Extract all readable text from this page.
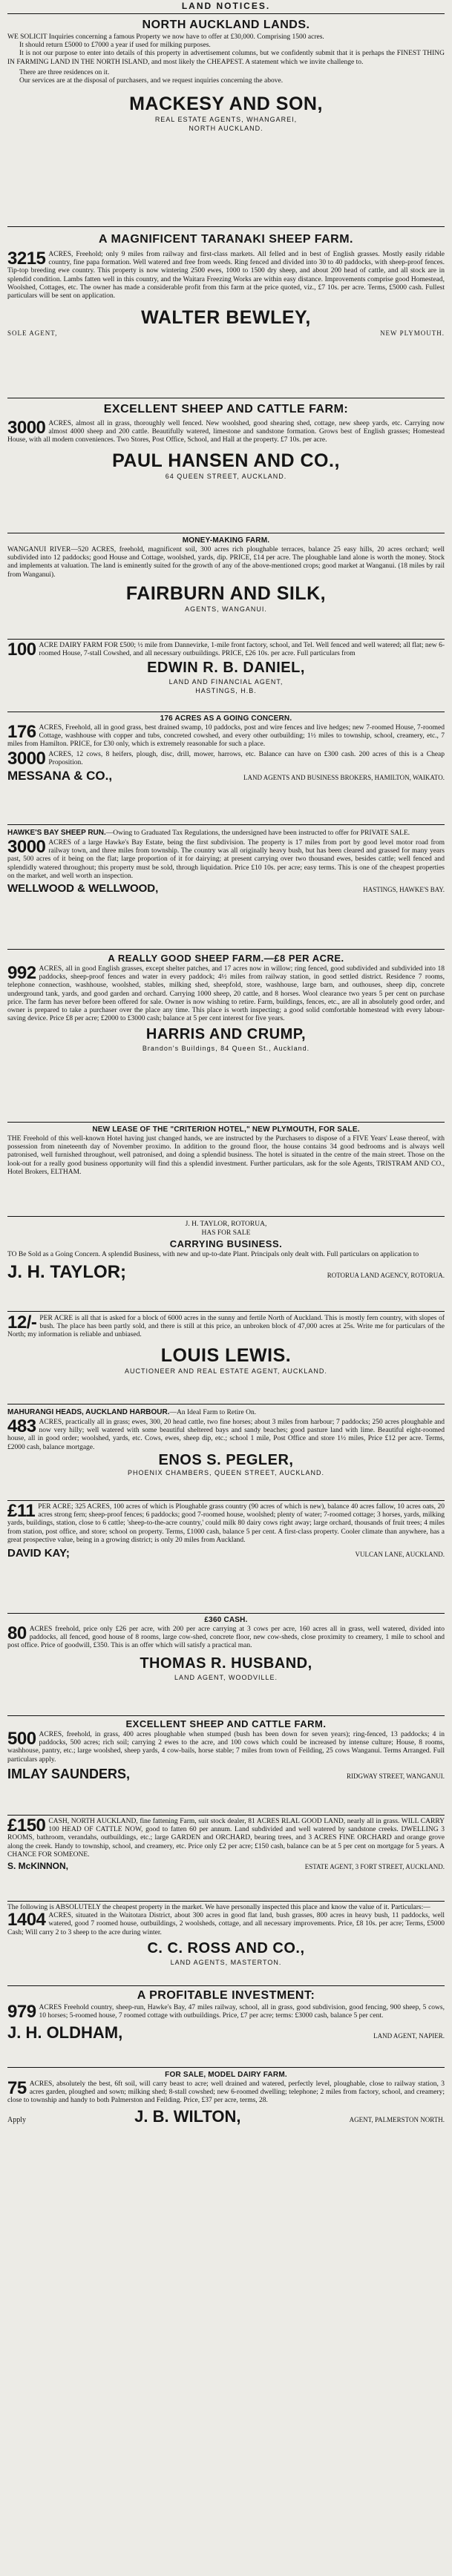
LAND NOTICES.
NORTH AUCKLAND LANDS.

WE SOLICIT Inquiries concerning a famous Property we now have to offer at £30,000. Comprising 1500 acres.

It should return £5000 to £7000 a year if used for milking purposes.

It is not our purpose to enter into details of this property in advertisement columns, but we confidently submit that it is perhaps the FINEST THING IN FARMING LAND IN THE NORTH ISLAND, and most likely the CHEAPEST. A statement which we invite challenge to.

There are three residences on it.

Our services are at the disposal of purchasers, and we request inquiries concerning the above.

MACKESY AND SON,
REAL ESTATE AGENTS, WHANGAREI,
NORTH AUCKLAND.
A MAGNIFICENT TARANAKI SHEEP FARM.

3215 ACRES, Freehold; only 9 miles from railway and first-class markets. All felled and in best of English grasses. Mostly easily ridable country, fine papa formation. Well watered and free from weeds. Ring fenced and divided into 30 to 40 paddocks, with sheep-proof fences. Tip-top breeding ewe country. This property is now wintering 2500 ewes, 1000 to 1500 dry sheep, and about 200 head of cattle, and all stock are in splendid condition. Lambs fatten well in this country, and the Waitara Freezing Works are within easy distance. Improvements comprise good Homestead, Woolshed, Cottages, etc. The owner has made a considerable profit from this farm at the price quoted, viz., £7 10s. per acre. Terms, £5000 cash. Fullest particulars will be sent on application.

WALTER BEWLEY,
SOLE AGENT,	NEW PLYMOUTH.
EXCELLENT SHEEP AND CATTLE FARM:

3000 ACRES, almost all in grass, thoroughly well fenced. New woolshed, good shearing shed, cottage, new sheep yards, etc. Carrying now almost 4000 sheep and 200 cattle. Beautifully watered, limestone and sandstone formation. Grows best of English grasses; Homestead House, with all modern conveniences. Two Stores, Post Office, School, and Hall at the property. £7 10s. per acre.

PAUL HANSEN AND CO.,
64 QUEEN STREET, AUCKLAND.
MONEY-MAKING FARM.

WANGANUI RIVER—520 ACRES, freehold, magnificent soil, 300 acres rich ploughable terraces, balance 25 easy hills, 20 acres orchard; well subdivided into 12 paddocks; good House and Cottage, woolshed, yards, dip. PRICE, £14 per acre. The ploughable land alone is worth the money. Stock and implements at valuation. The land is eminently suited for the growth of any of the above-mentioned crops; good market at Wanganui. (18 miles by rail from Wanganui).

FAIRBURN AND SILK,
AGENTS, WANGANUI.

100 ACRE DAIRY FARM FOR £500; ½ mile from Dannevirke, 1-mile front factory, school, and Tel. Well fenced and well watered; all flat; new 6-roomed House, 7-stall Cowshed, and all necessary outbuildings. PRICE, £26 10s. per acre. Full particulars from

EDWIN R. B. DANIEL,
LAND AND FINANCIAL AGENT,
HASTINGS, H.B.
176 ACRES AS A GOING CONCERN.

176 ACRES, Freehold, all in good grass, best drained swamp, 10 paddocks, post and wire fences and live hedges; new 7-roomed House, 7-roomed Cottage, washhouse with copper and tubs, concreted cowshed, and every other outbuilding; 1½ miles to township, school, creamery, etc., 7 miles from Hamilton. PRICE, for £30 only, which is extremely reasonable for such a place.

3000 ACRES, 12 cows, 8 heifers, plough, disc, drill, mower, harrows, etc. Balance can have on £300 cash. 200 acres of this is a Cheap Proposition.

MESSANA & CO.,	LAND AGENTS AND BUSINESS BROKERS, HAMILTON, WAIKATO.

HAWKE'S BAY SHEEP RUN.—Owing to Graduated Tax Regulations, the undersigned have been instructed to offer for PRIVATE SALE.

3000 ACRES of a large Hawke's Bay Estate, being the first subdivision. The property is 17 miles from port by good level motor road from railway town, and three miles from township. The country was all originally heavy bush, but has been cleared and grassed for many years past, 500 acres of it being on the flat; large proportion of it for dairying; at present carrying over two thousand ewes, besides cattle; well fenced and splendidly watered throughout; this property must be sold, through liquidation. Price £10 10s. per acre; easy terms. This is one of the cheapest properties on the market, and well worth an inspection.

WELLWOOD & WELLWOOD,	HASTINGS, HAWKE'S BAY.
A REALLY GOOD SHEEP FARM.—£8 PER ACRE.

992 ACRES, all in good English grasses, except shelter patches, and 17 acres now in willow; ring fenced, good subdivided and subdivided into 18 paddocks, sheep-proof fences and water in every paddock; 4½ miles from railway station, in good settled district. Residence 7 rooms, telephone connection, washhouse, woolshed, stables, milking shed, sheepfold, store, washhouse, large barn, and outhouses, sheep dip, concrete underground tank, yards, and good garden and orchard. Carrying 1000 sheep, 20 cattle, and 8 horses. Wool clearance two years 5 per cent on purchase price. The farm has never before been offered for sale. Owner is now wishing to retire. Farm, buildings, fences, etc., are all in absolutely good order, and owner is prepared to take a purchaser over the place any time. This place is worth inspecting; a good solid comfortable homestead with every labour-saving device. Price £8 per acre; £2000 to £3000 cash; balance at 5 per cent interest for five years.

HARRIS AND CRUMP,
Brandon's Buildings, 84 Queen St., Auckland.
NEW LEASE OF THE "CRITERION HOTEL," NEW PLYMOUTH, FOR SALE.

THE Freehold of this well-known Hotel having just changed hands, we are instructed by the Purchasers to dispose of a FIVE Years' Lease thereof, with possession from nineteenth day of November proximo. In addition to the ground floor, the house contains 34 good bedrooms and is always well patronised, well furnished throughout, well patronised, and doing a splendid business. The hotel is situated in the centre of the main street. Those on the look-out for a really good business opportunity will find this a splendid investment. Further particulars, ask for the sole Agents, TRISTRAM AND CO., Hotel Brokers, ELTHAM.

J. H. TAYLOR, ROTORUA,
HAS FOR SALE
CARRYING BUSINESS.

TO Be Sold as a Going Concern. A splendid Business, with new and up-to-date Plant. Principals only dealt with. Full particulars on application to

J. H. TAYLOR;	ROTORUA LAND AGENCY, ROTORUA.

12/- PER ACRE is all that is asked for a block of 6000 acres in the sunny and fertile North of Auckland. This is mostly fern country, with slopes of bush. The place has been partly sold, and there is still at this price, an unbroken block of 47,000 acres at 25s. Write me for particulars of the North; my information is reliable and unbiased.

LOUIS LEWIS.
AUCTIONEER AND REAL ESTATE AGENT, AUCKLAND.

MAHURANGI HEADS, AUCKLAND HARBOUR.—An Ideal Farm to Retire On.

483 ACRES, practically all in grass; ewes, 300, 20 head cattle, two fine horses; about 3 miles from harbour; 7 paddocks; 250 acres ploughable and now very hilly; well watered with some beautiful sheltered bays and sandy beaches; good pasture land with lime. Beautiful eight-roomed house, all in good order; woolshed, yards, etc. Cows, ewes, sheep dip, etc.; school 1 mile, Post Office and store 1½ miles, Price £12 per acre. Terms, £2000 cash, balance mortgage.

ENOS S. PEGLER,
PHOENIX CHAMBERS, QUEEN STREET, AUCKLAND.

£11 PER ACRE; 325 ACRES, 100 acres of which is Ploughable grass country (90 acres of which is new), balance 40 acres fallow, 10 acres oats, 20 acres strong fern; sheep-proof fences; 6 paddocks; good 7-roomed house, woolshed; plenty of water; 7-roomed cottage; 3 horses, yards, milking yards, buildings, station, close to 6 cattle; 'sheep-to-the-acre country,' could milk 80 dairy cows right away; large orchard, thousands of fruit trees; 4 miles from station, post office, and store; school on property. Terms, £1000 cash, balance 5 per cent. A first-class property. Cooler climate than anywhere, has a great prospective value, being in a growing district; is only 20 miles from Auckland.

DAVID KAY;	VULCAN LANE, AUCKLAND.
£360 CASH.

80 ACRES freehold, price only £26 per acre, with 200 per acre carrying at 3 cows per acre, 160 acres all in grass, well watered, divided into paddocks, all fenced, good house of 8 rooms, large cow-shed, concrete floor, new cow-sheds, close proximity to creamery, 1 mile to school and post office. Price of goodwill, £350. This is an offer which will satisfy a practical man.

THOMAS R. HUSBAND,
LAND AGENT, WOODVILLE.
EXCELLENT SHEEP AND CATTLE FARM.

500 ACRES, freehold, in grass, 400 acres ploughable when stumped (bush has been down for seven years); ring-fenced, 13 paddocks; 4 in paddocks, 500 acres; rich soil; carrying 2 ewes to the acre, and 100 cows which could be increased by intense culture; House, 8 rooms, washhouse, pantry, etc.; large woolshed, sheep yards, 4 cow-bails, horse stable; 7 miles from town of Feilding, 25 cows Wanganui. Terms Arranged. Full particulars apply.

IMLAY SAUNDERS,	RIDGWAY STREET, WANGANUI.

£150 CASH, NORTH AUCKLAND, fine fattening Farm, suit stock dealer, 81 ACRES RLAL GOOD LAND, nearly all in grass. WILL CARRY 100 HEAD OF CATTLE NOW, good to fatten 60 per annum. Land subdivided and well watered by sandstone creeks. DWELLING 3 ROOMS, bathroom, verandahs, outbuildings, etc.; large GARDEN and ORCHARD, bearing trees, and 3 ACRES FINE ORCHARD and orange grove along the creek. Handy to township, school, and creamery, etc. Price only £2 per acre; £150 cash, balance can be at 5 per cent on mortgage for 5 years. A CHANCE FOR SOMEONE.

S. McKINNON,	ESTATE AGENT, 3 FORT STREET, AUCKLAND.

The following is ABSOLUTELY the cheapest property in the market. We have personally inspected this place and know the value of it. Particulars:—

1404 ACRES, situated in the Waitotara District, about 300 acres in good flat land, bush grasses, 800 acres in heavy bush, 11 paddocks, well watered, good 7 roomed house, outbuildings, 2 woolsheds, cottage, and all necessary improvements. Price, £8 10s. per acre; Terms, £5000 Cash; Will carry 2 to 3 sheep to the acre during winter.

C. C. ROSS AND CO.,
LAND AGENTS, MASTERTON.
A PROFITABLE INVESTMENT:

979 ACRES Freehold country, sheep-run, Hawke's Bay, 47 miles railway, school, all in grass, good subdivision, good fencing, 900 sheep, 5 cows, 10 horses; 5-roomed house, 7 roomed cottage with outbuildings. Price, £7 per acre; terms: £3000 cash, balance 5 per cent.

J. H. OLDHAM,	LAND AGENT, NAPIER.
FOR SALE, MODEL DAIRY FARM.

75 ACRES, absolutely the best, 6ft soil, will carry beast to acre; well drained and watered, perfectly level, ploughable, close to railway station, 3 acres garden, ploughed and sown; milking shed; 8-stall cowshed; new 6-roomed dwelling; telephone; 2 miles from factory, school, and creamery; close to township and handy to both Palmerston and Feilding. Price, £37 per acre, terms, 28.

Apply	J. B. WILTON,	AGENT, PALMERSTON NORTH.
